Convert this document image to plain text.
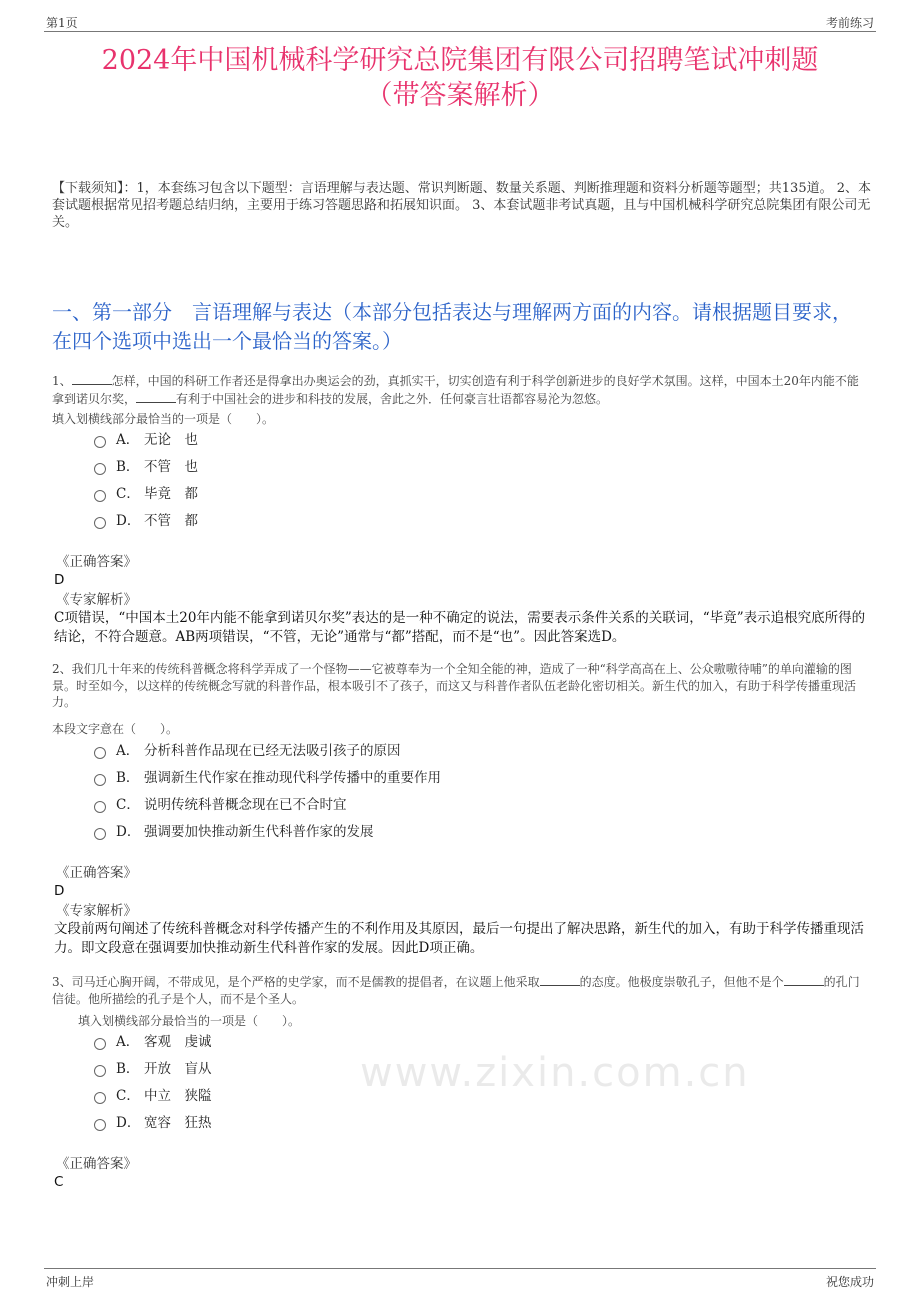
第1页	考前练习
2024年中国机械科学研究总院集团有限公司招聘笔试冲刺题
（带答案解析）
【下载须知】：1，本套练习包含以下题型：言语理解与表达题、常识判断题、数量关系题、判断推理题和资料分析题等题型；共135道。 2、本套试题根据常见招考题总结归纳，主要用于练习答题思路和拓展知识面。 3、本套试题非考试真题，且与中国机械科学研究总院集团有限公司无关。
一、第一部分　言语理解与表达（本部分包括表达与理解两方面的内容。请根据题目要求，在四个选项中选出一个最恰当的答案。）
1、	怎样，中国的科研工作者还是得拿出办奥运会的劲，真抓实干，切实创造有利于科学创新进步的良好学术氛围。这样，中国本土20年内能不能拿到诺贝尔奖，	有利于中国社会的进步和科技的发展，舍此之外．任何豪言壮语都容易沦为忽悠。
填入划横线部分最恰当的一项是（　　）。
A． 无论　也
B． 不管　也
C． 毕竟　都
D． 不管　都
《正确答案》
D
《专家解析》
C项错误，“中国本土20年内能不能拿到诺贝尔奖”表达的是一种不确定的说法，需要表示条件关系的关联词，“毕竟”表示追根究底所得的结论，不符合题意。AB两项错误，“不管，无论”通常与“都”搭配，而不是“也”。因此答案选D。
2、我们几十年来的传统科普概念将科学弄成了一个怪物——它被尊奉为一个全知全能的神，造成了一种“科学高高在上、公众嗷嗷待哺”的单向灌输的图景。时至如今，以这样的传统概念写就的科普作品，根本吸引不了孩子，而这又与科普作者队伍老龄化密切相关。新生代的加入，有助于科学传播重现活力。
本段文字意在（　　）。
A． 分析科普作品现在已经无法吸引孩子的原因
B． 强调新生代作家在推动现代科学传播中的重要作用
C． 说明传统科普概念现在已不合时宜
D． 强调要加快推动新生代科普作家的发展
《正确答案》
D
《专家解析》
文段前两句阐述了传统科普概念对科学传播产生的不利作用及其原因，最后一句提出了解决思路，新生代的加入，有助于科学传播重现活力。即文段意在强调要加快推动新生代科普作家的发展。因此D项正确。
www.zixin.com.cn
3、司马迁心胸开阔，不带成见，是个严格的史学家，而不是儒教的提倡者，在议题上他采取	的态度。他极度崇敬孔子，但他不是个	的孔门信徒。他所描绘的孔子是个人，而不是个圣人。
填入划横线部分最恰当的一项是（　　）。
A． 客观　虔诚
B． 开放　盲从
C． 中立　狭隘
D． 宽容　狂热
《正确答案》
C
冲刺上岸	祝您成功
